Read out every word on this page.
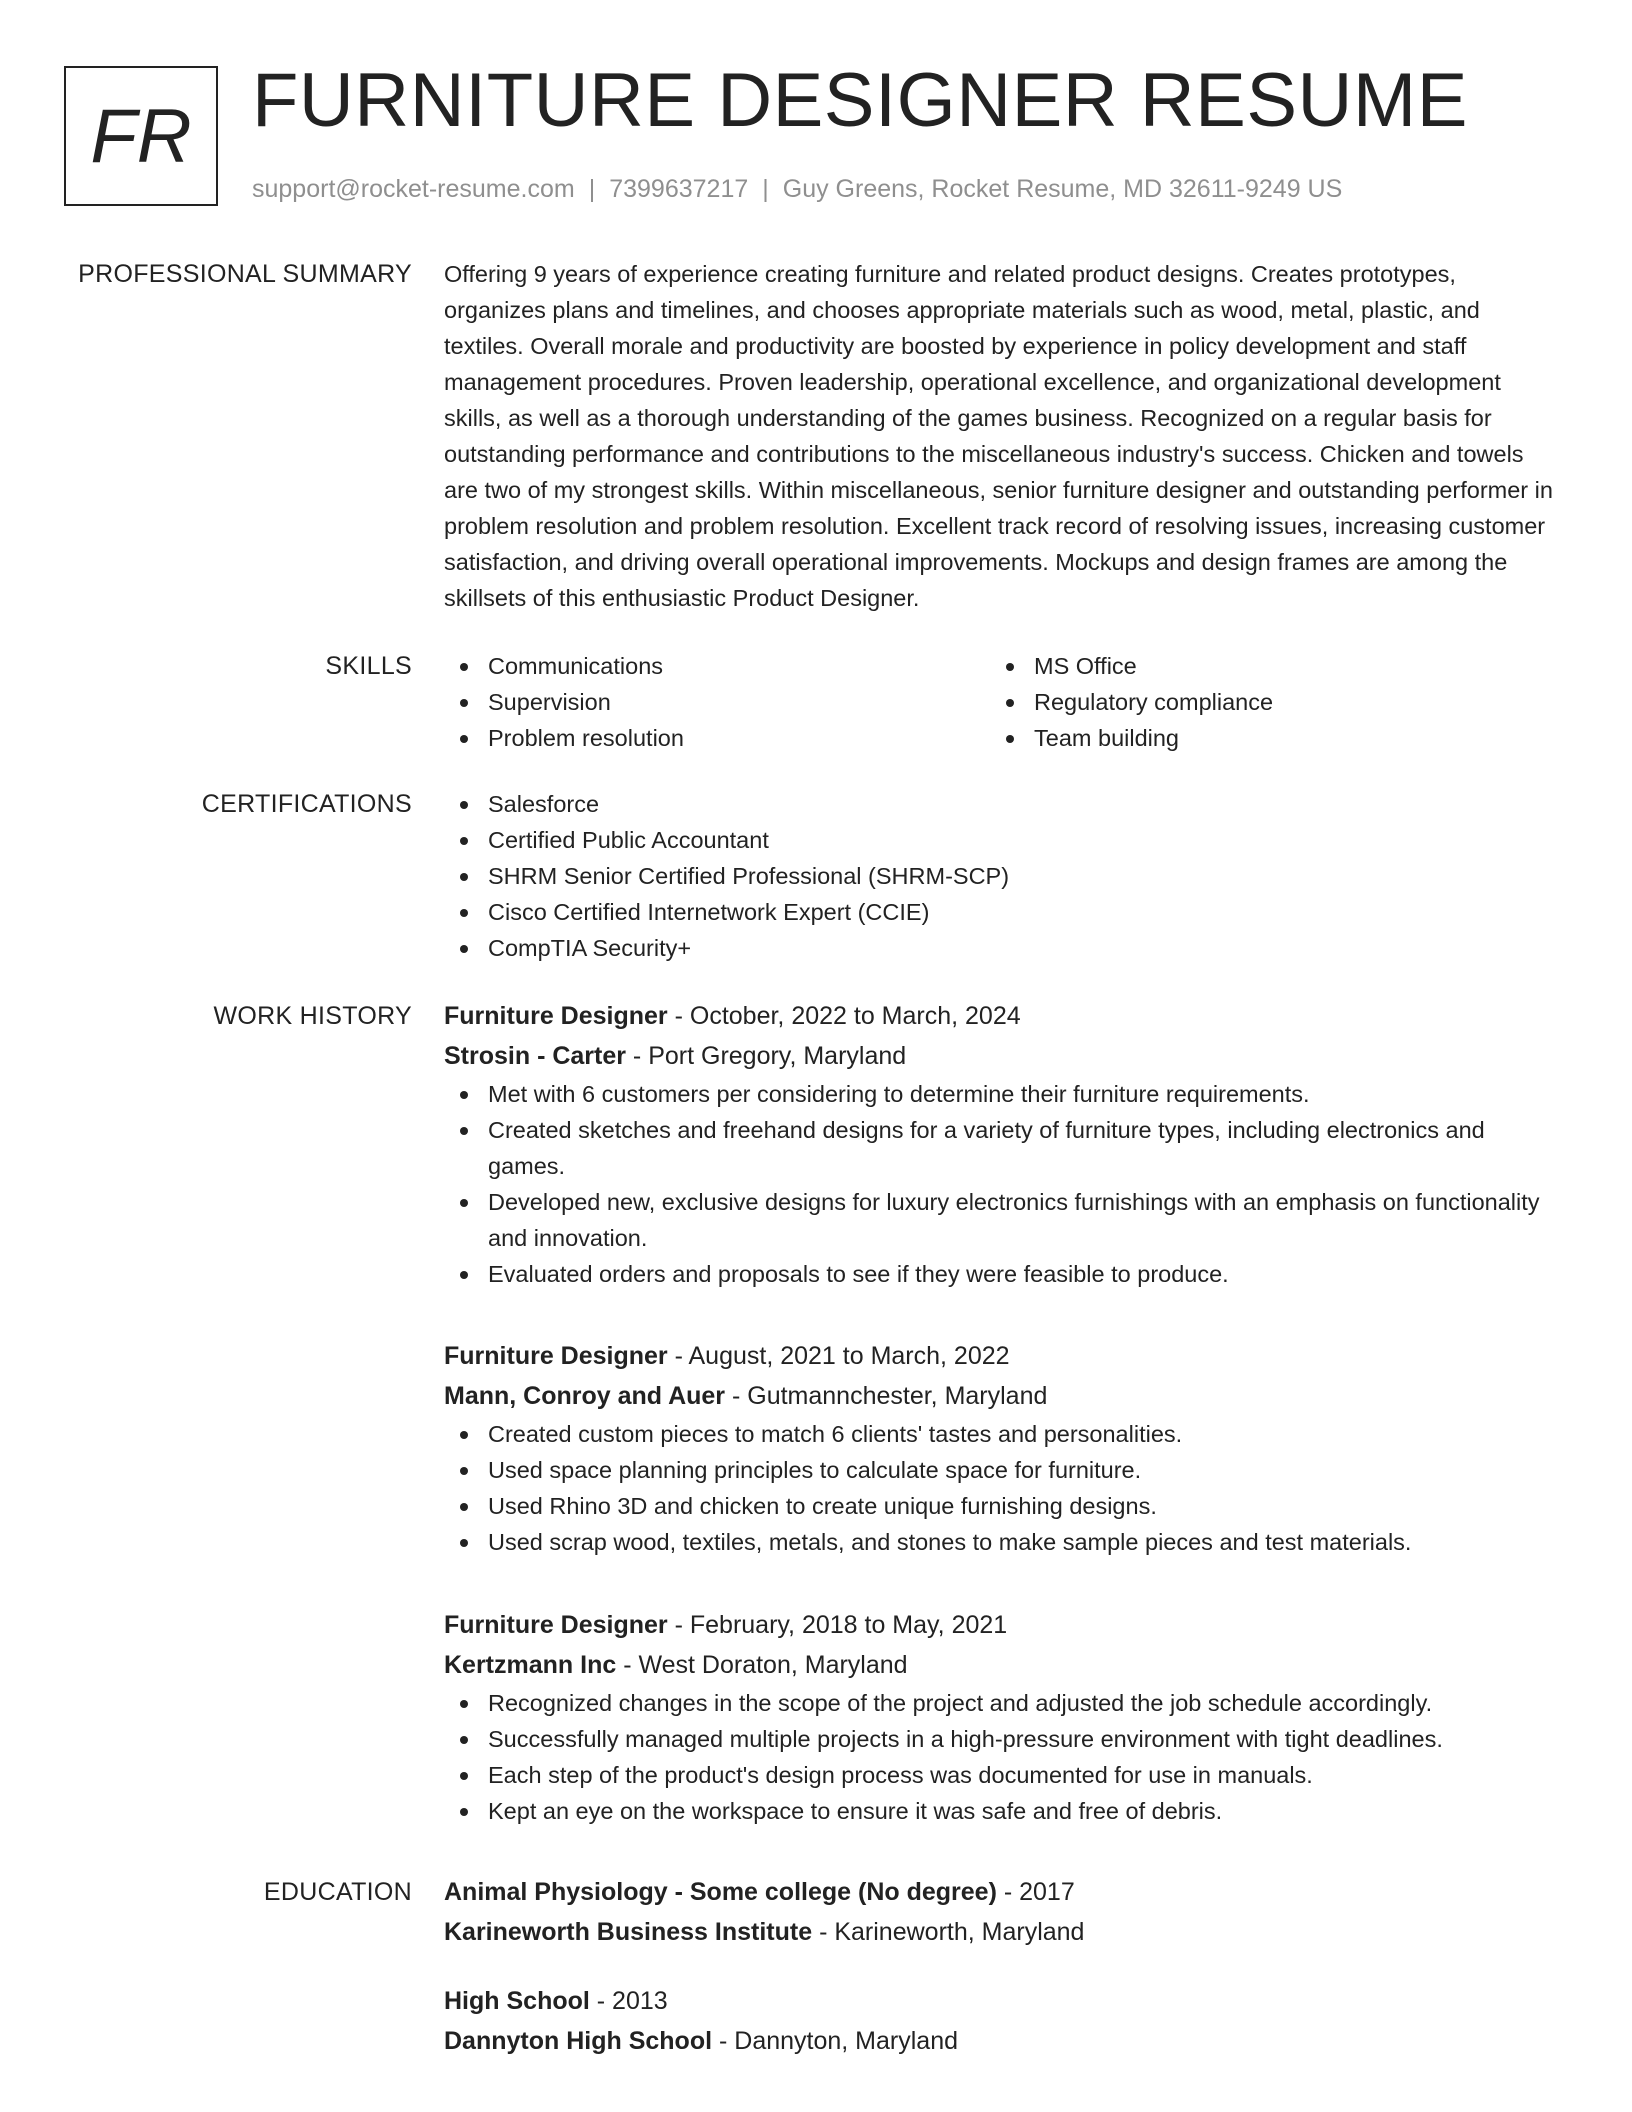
FR FURNITURE DESIGNER RESUME
support@rocket-resume.com | 7399637217 | Guy Greens, Rocket Resume, MD 32611-9249 US
PROFESSIONAL SUMMARY Offering 9 years of experience creating furniture and related product designs. Creates prototypes, organizes plans and timelines, and chooses appropriate materials such as wood, metal, plastic, and textiles. Overall morale and productivity are boosted by experience in policy development and staff management procedures. Proven leadership, operational excellence, and organizational development skills, as well as a thorough understanding of the games business. Recognized on a regular basis for outstanding performance and contributions to the miscellaneous industry's success. Chicken and towels are two of my strongest skills. Within miscellaneous, senior furniture designer and outstanding performer in problem resolution and problem resolution. Excellent track record of resolving issues, increasing customer satisfaction, and driving overall operational improvements. Mockups and design frames are among the skillsets of this enthusiastic Product Designer.
SKILLS	Communications
Supervision
Problem resolution
MS Office
Regulatory compliance
Team building
CERTIFICATIONS	Salesforce
Certified Public Accountant
SHRM Senior Certified Professional (SHRM-SCP)
Cisco Certified Internetwork Expert (CCIE)
CompTIA Security+
WORK HISTORY Furniture Designer - October, 2022 to March, 2024
Strosin - Carter - Port Gregory, Maryland
Met with 6 customers per considering to determine their furniture requirements.
Created sketches and freehand designs for a variety of furniture types, including electronics and games.
Developed new, exclusive designs for luxury electronics furnishings with an emphasis on functionality and innovation.
Evaluated orders and proposals to see if they were feasible to produce.
Furniture Designer - August, 2021 to March, 2022
Mann, Conroy and Auer - Gutmannchester, Maryland
Created custom pieces to match 6 clients' tastes and personalities.
Used space planning principles to calculate space for furniture.
Used Rhino 3D and chicken to create unique furnishing designs.
Used scrap wood, textiles, metals, and stones to make sample pieces and test materials.
Furniture Designer - February, 2018 to May, 2021
Kertzmann Inc - West Doraton, Maryland
Recognized changes in the scope of the project and adjusted the job schedule accordingly.
Successfully managed multiple projects in a high-pressure environment with tight deadlines.
Each step of the product's design process was documented for use in manuals.
Kept an eye on the workspace to ensure it was safe and free of debris.
EDUCATION Animal Physiology - Some college (No degree) - 2017
Karineworth Business Institute - Karineworth, Maryland
High School - 2013
Dannyton High School - Dannyton, Maryland
